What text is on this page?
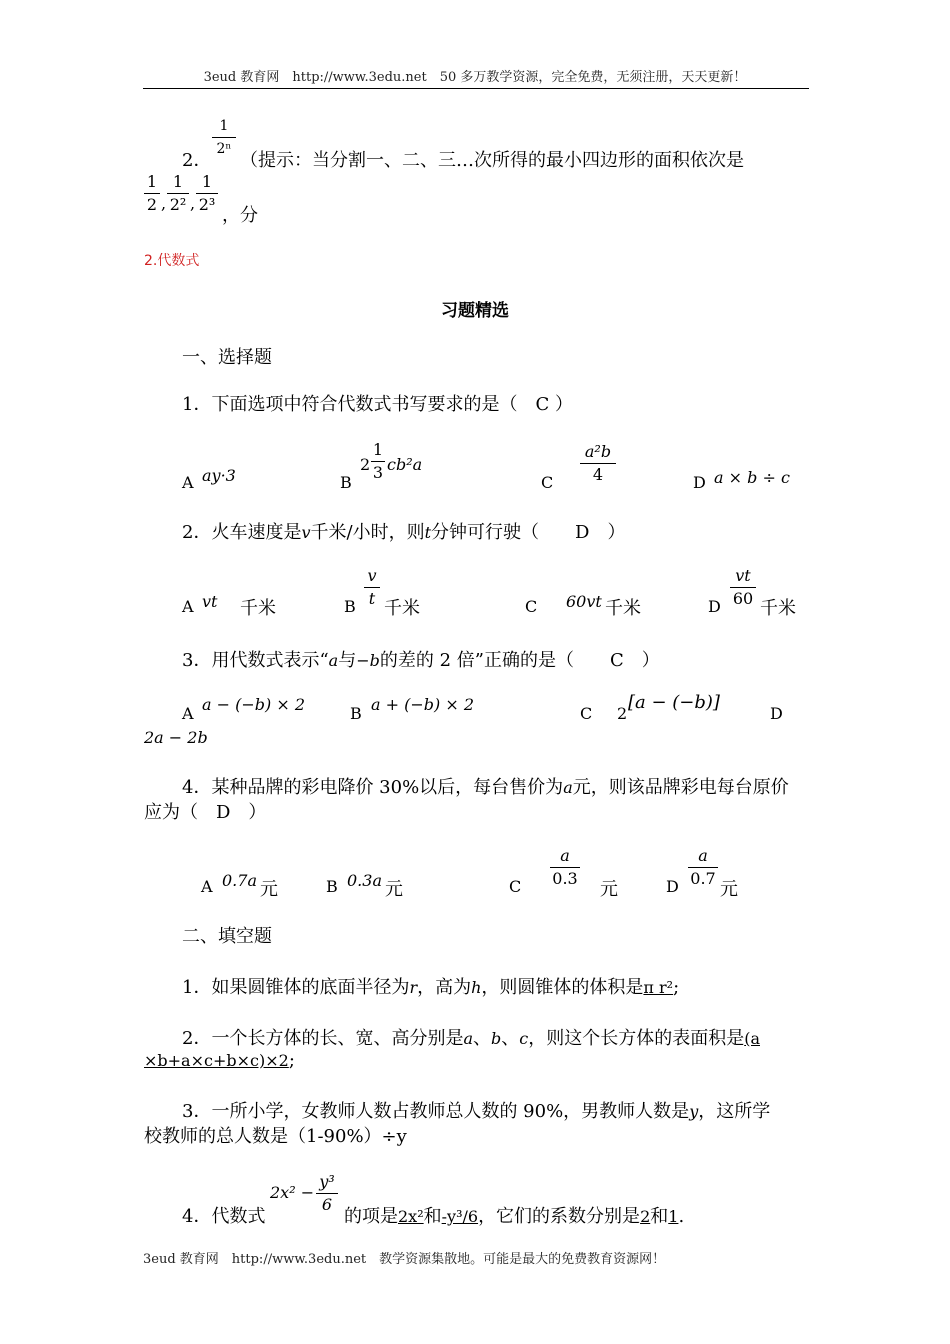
3eud 教育网　http://www.3edu.net　50 多万教学资源，完全免费，无须注册，天天更新！
2．
1
2ⁿ
（提示：当分割一、二、三…次所得的最小四边形的面积依次是
1
2 ,
1
2² ,
1
2³
，分
2.代数式
习题精选
一、选择题
1．下面选项中符合代数式书写要求的是（　C ）
A ay·3	B
2
1
3 cb²a
C
a²b
4	D a × b ÷ c
2．火车速度是v千米/小时，则t分钟可行驶（　　D　）
A vt 千米	B
v
t 千米	C 60vt 千米	D
vt
60 千米
3．用代数式表示“a与−b的差的 2 倍”正确的是（　　C　）
A a − (−b) × 2	B a + (−b) × 2	C 2
[a − (−b)]
D
2a − 2b
4．某种品牌的彩电降价 30%以后，每台售价为a元，则该品牌彩电每台原价
应为（　D　）
A 0.7a 元	B 0.3a 元	C
a
0.3
元	D
a
0.7
元
二、填空题
1．如果圆锥体的底面半径为r，高为h，则圆锥体的体积是π r²;
2．一个长方体的长、宽、高分别是a、b、c，则这个长方体的表面积是(a
×b+a×c+b×c)×2;
3．一所小学，女教师人数占教师总人数的 90%，男教师人数是y，这所学
校教师的总人数是（1-90%）÷y
4．代数式
2x² −
y³
6
的项是2x²和-y³/6，它们的系数分别是2和1.
3eud 教育网　http://www.3edu.net　教学资源集散地。可能是最大的免费教育资源网！
